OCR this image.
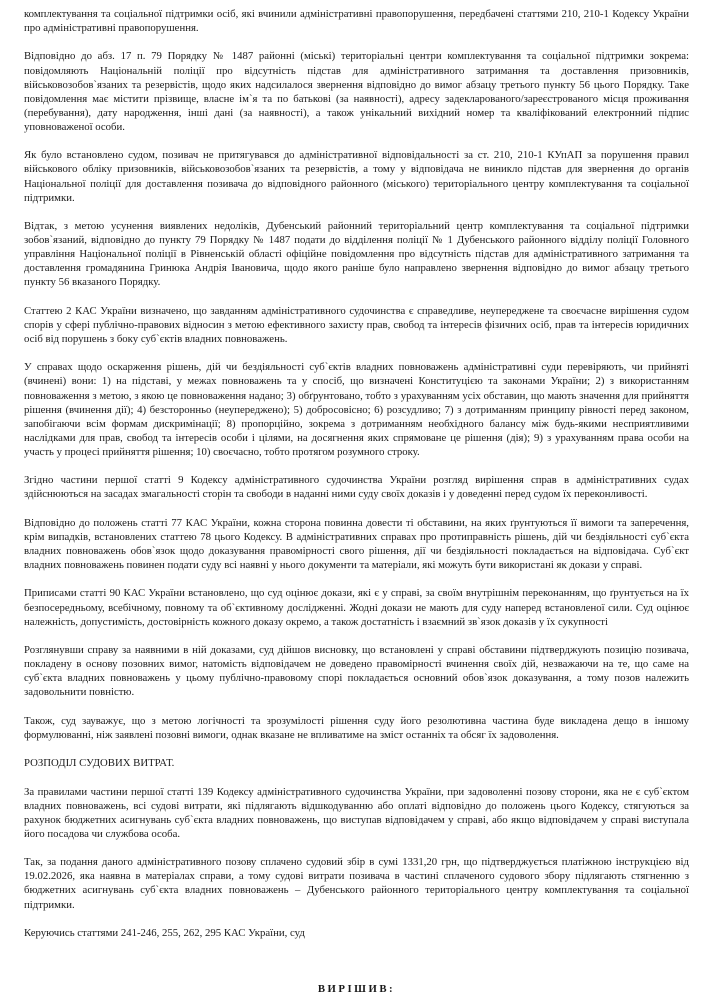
комплектування та соціальної підтримки осіб, які вчинили адміністративні правопорушення, передбачені статтями 210, 210-1 Кодексу України про адміністративні правопорушення.

Відповідно до абз. 17 п. 79 Порядку № 1487 районні (міські) територіальні центри комплектування та соціальної підтримки зокрема: повідомляють Національній поліції про відсутність підстав для адміністративного затримання та доставлення призовників, військовозобов`язаних та резервістів, щодо яких надсилалося звернення відповідно до вимог абзацу третього пункту 56 цього Порядку. Таке повідомлення має містити прізвище, власне ім`я та по батькові (за наявності), адресу задекларованого/зареєстрованого місця проживання (перебування), дату народження, інші дані (за наявності), а також унікальний вихідний номер та кваліфікований електронний підпис уповноваженої особи.

Як було встановлено судом, позивач не притягувався до адміністративної відповідальності за ст. 210, 210-1 КУпАП за порушення правил військового обліку призовників, військовозобов`язаних та резервістів, а тому у відповідача не виникло підстав для звернення до органів Національної поліції для доставлення позивача до відповідного районного (міського) територіального центру комплектування та соціальної підтримки.

Відтак, з метою усунення виявлених недоліків, Дубенський районний територіальний центр комплектування та соціальної підтримки зобов`язаний, відповідно до пункту 79 Порядку № 1487 подати до відділення поліції № 1 Дубенського районного відділу поліції Головного управління Національної поліції в Рівненській області офіційне повідомлення про відсутність підстав для адміністративного затримання та доставлення громадянина Гринюка Андрія Івановича, щодо якого раніше було направлено звернення відповідно до вимог абзацу третього пункту 56 вказаного Порядку.

Статтею 2 КАС України визначено, що завданням адміністративного судочинства є справедливе, неупереджене та своєчасне вирішення судом спорів у сфері публічно-правових відносин з метою ефективного захисту прав, свобод та інтересів фізичних осіб, прав та інтересів юридичних осіб від порушень з боку суб`єктів владних повноважень.

У справах щодо оскарження рішень, дій чи бездіяльності суб`єктів владних повноважень адміністративні суди перевіряють, чи прийняті (вчинені) вони: 1) на підставі, у межах повноважень та у спосіб, що визначені Конституцією та законами України; 2) з використанням повноваження з метою, з якою це повноваження надано; 3) обґрунтовано, тобто з урахуванням усіх обставин, що мають значення для прийняття рішення (вчинення дії); 4) безсторонньо (неупереджено); 5) добросовісно; 6) розсудливо; 7) з дотриманням принципу рівності перед законом, запобігаючи всім формам дискримінації; 8) пропорційно, зокрема з дотриманням необхідного балансу між будь-якими несприятливими наслідками для прав, свобод та інтересів особи і цілями, на досягнення яких спрямоване це рішення (дія); 9) з урахуванням права особи на участь у процесі прийняття рішення; 10) своєчасно, тобто протягом розумного строку.

Згідно частини першої статті 9 Кодексу адміністративного судочинства України розгляд вирішення справ в адміністративних судах здійснюються на засадах змагальності сторін та свободи в наданні ними суду своїх доказів і у доведенні перед судом їх переконливості.

Відповідно до положень статті 77 КАС України, кожна сторона повинна довести ті обставини, на яких ґрунтуються її вимоги та заперечення, крім випадків, встановлених статтею 78 цього Кодексу. В адміністративних справах про протиправність рішень, дій чи бездіяльності суб`єкта владних повноважень обов`язок щодо доказування правомірності свого рішення, дії чи бездіяльності покладається на відповідача. Суб`єкт владних повноважень повинен подати суду всі наявні у нього документи та матеріали, які можуть бути використані як докази у справі.

Приписами статті 90 КАС України встановлено, що суд оцінює докази, які є у справі, за своїм внутрішнім переконанням, що ґрунтується на їх безпосередньому, всебічному, повному та об`єктивному дослідженні. Жодні докази не мають для суду наперед встановленої сили. Суд оцінює належність, допустимість, достовірність кожного доказу окремо, а також достатність і взаємний зв`язок доказів у їх сукупності

Розглянувши справу за наявними в ній доказами, суд дійшов висновку, що встановлені у справі обставини підтверджують позицію позивача, покладену в основу позовних вимог, натомість відповідачем не доведено правомірності вчинення своїх дій, незважаючи на те, що саме на суб`єкта владних повноважень у цьому публічно-правовому спорі покладається основний обов`язок доказування, а тому позов належить задовольнити повністю.

Також, суд зауважує, що з метою логічності та зрозумілості рішення суду його резолютивна частина буде викладена дещо в іншому формулюванні, ніж заявлені позовні вимоги, однак вказане не впливатиме на зміст останніх та обсяг їх задоволення.

РОЗПОДІЛ СУДОВИХ ВИТРАТ.

За правилами частини першої статті 139 Кодексу адміністративного судочинства України, при задоволенні позову сторони, яка не є суб`єктом владних повноважень, всі судові витрати, які підлягають відшкодуванню або оплаті відповідно до положень цього Кодексу, стягуються за рахунок бюджетних асигнувань суб`єкта владних повноважень, що виступав відповідачем у справі, або якщо відповідачем у справі виступала його посадова чи службова особа.

Так, за подання даного адміністративного позову сплачено судовий збір в сумі 1331,20 грн, що підтверджується платіжною інструкцією від 19.02.2026, яка наявна в матеріалах справи, а тому судові витрати позивача в частині сплаченого судового збору підлягають стягненню з бюджетних асигнувань суб`єкта владних повноважень – Дубенського районного територіального центру комплектування та соціальної підтримки.

Керуючись статтями 241-246, 255, 262, 295 КАС України, суд

ВИРІШИВ:
